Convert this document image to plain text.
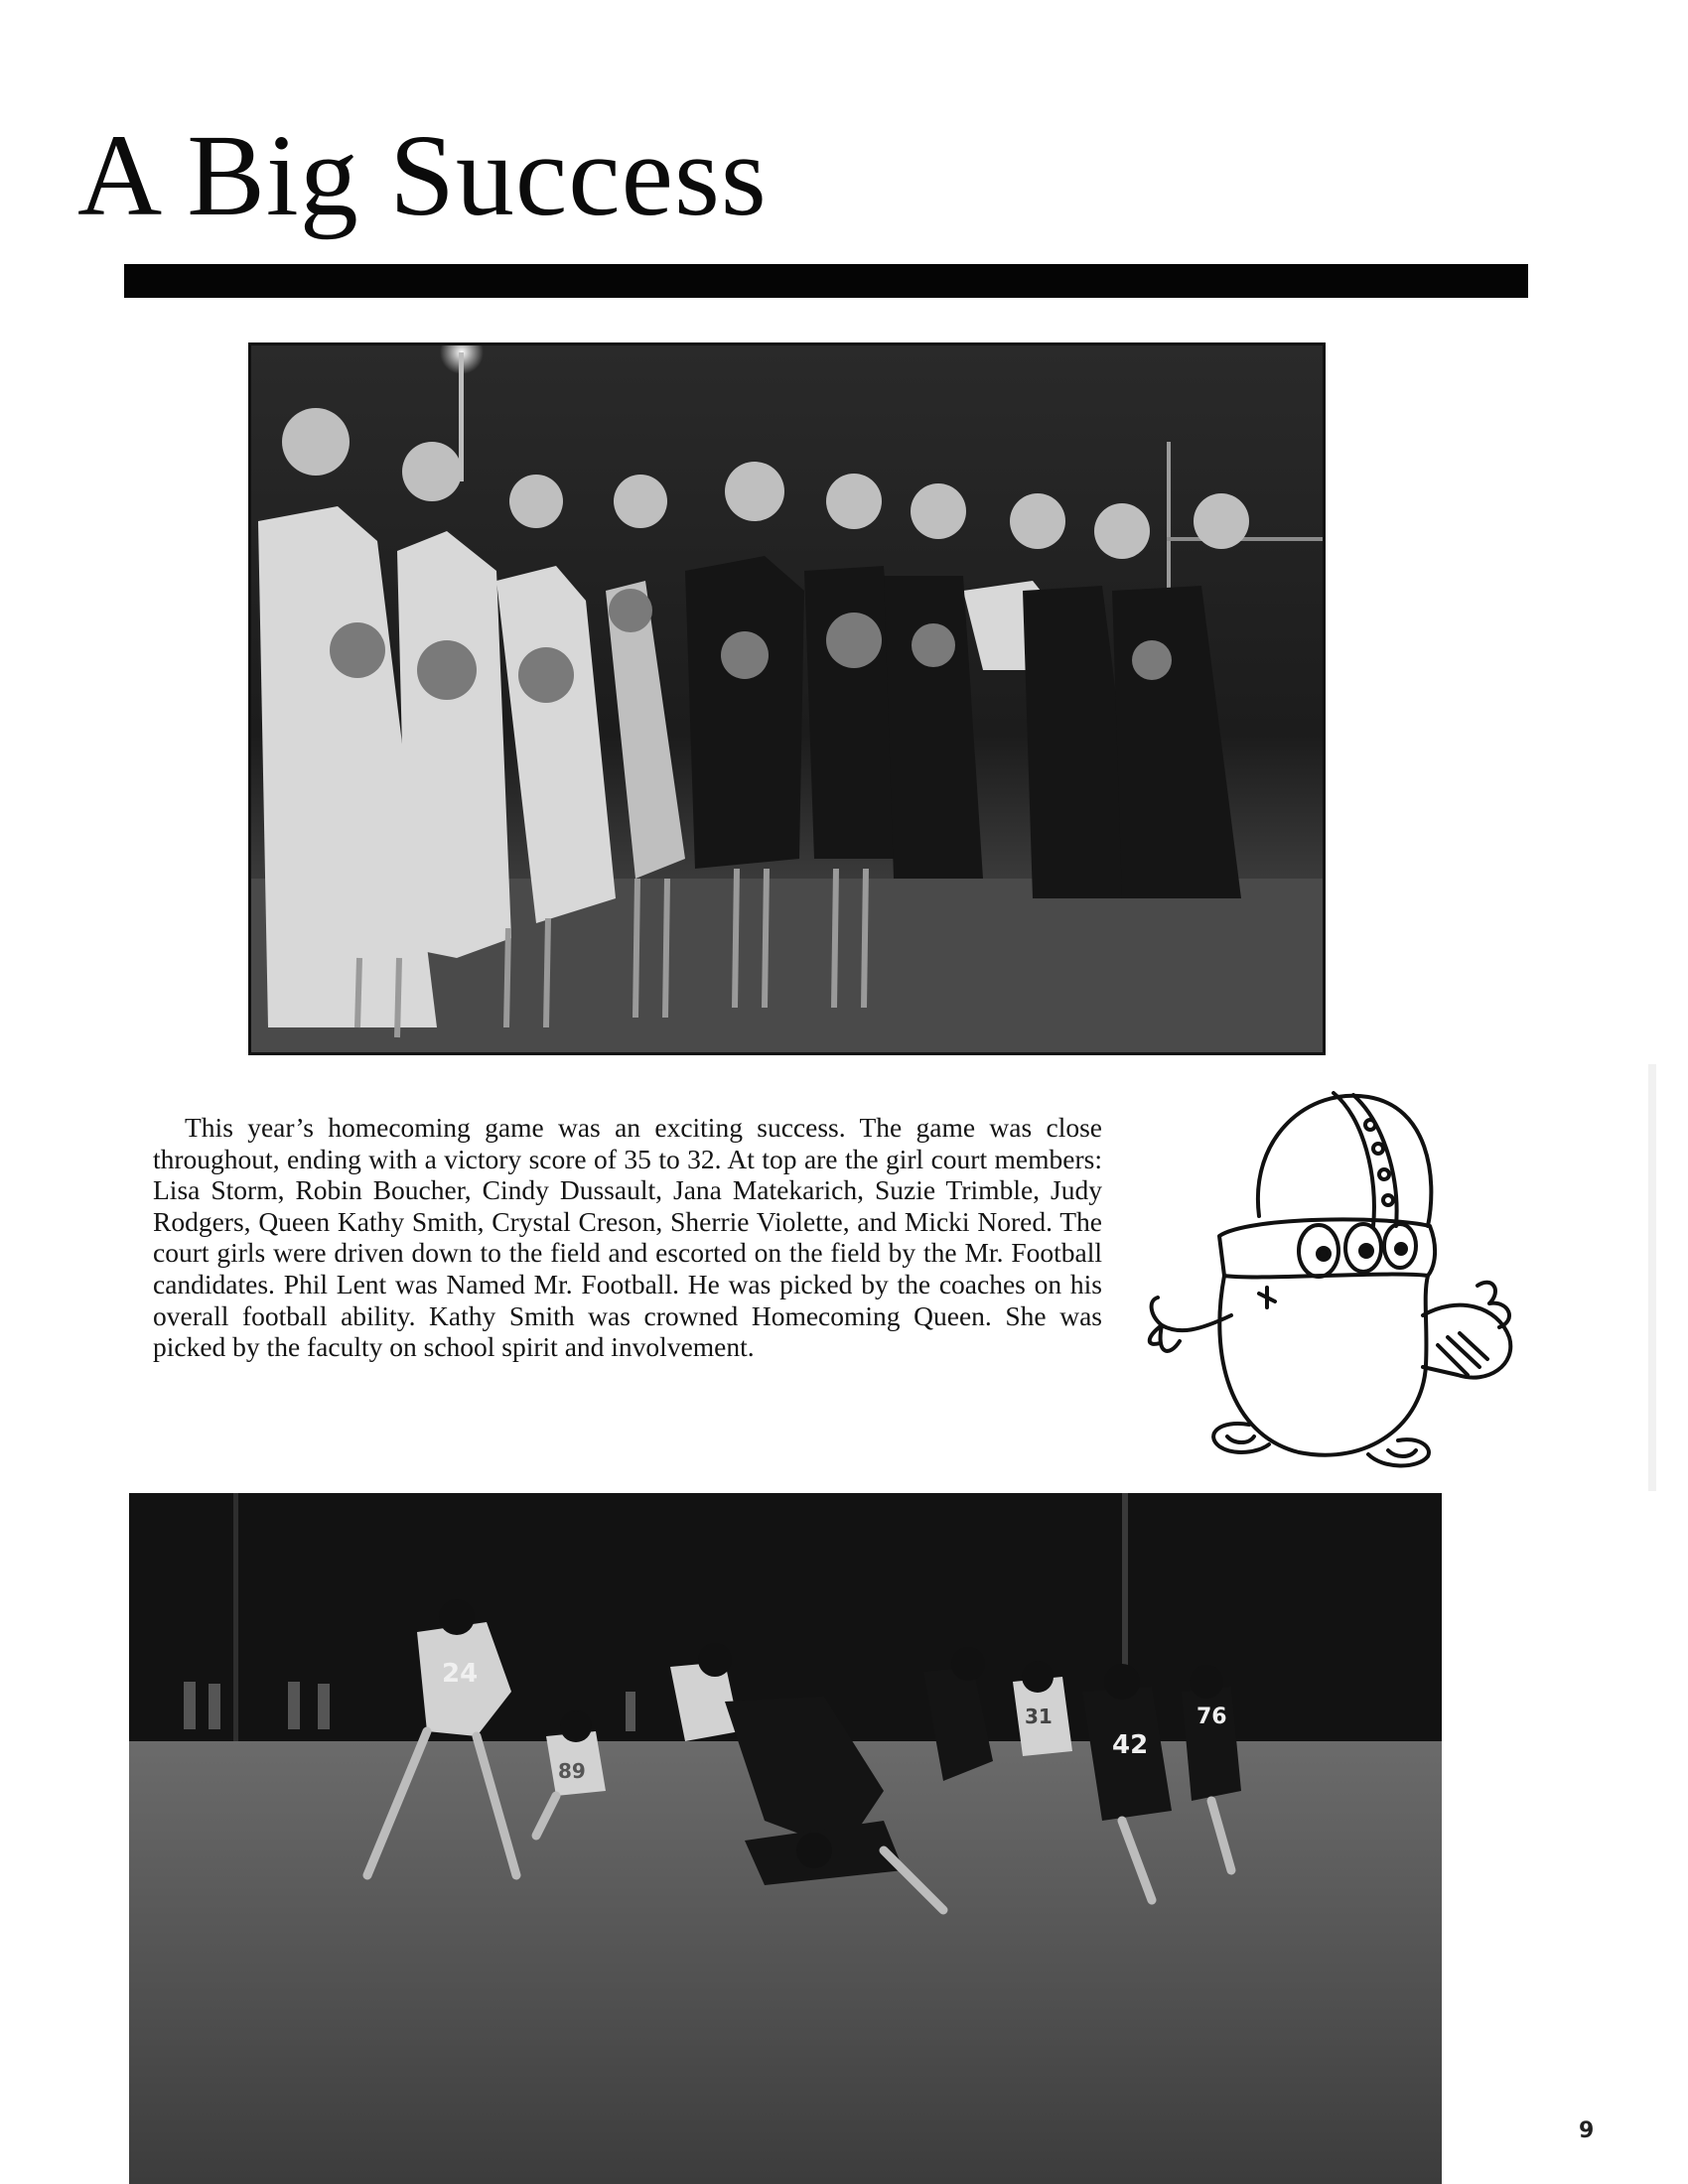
A Big Success

This year’s homecoming game was an exciting success. The game was close throughout, ending with a victory score of 35 to 32. At top are the girl court members: Lisa Storm, Robin Boucher, Cindy Dussault, Jana Matekarich, Suzie Trimble, Judy Rodgers, Queen Kathy Smith, Crystal Creson, Sherrie Violette, and Micki Nored. The court girls were driven down to the field and escorted on the field by the Mr. Football candidates. Phil Lent was Named Mr. Football. He was picked by the coaches on his overall football ability. Kathy Smith was crowned Homecoming Queen. She was picked by the faculty on school spirit and involvement.

24
89
42
31	76
9
